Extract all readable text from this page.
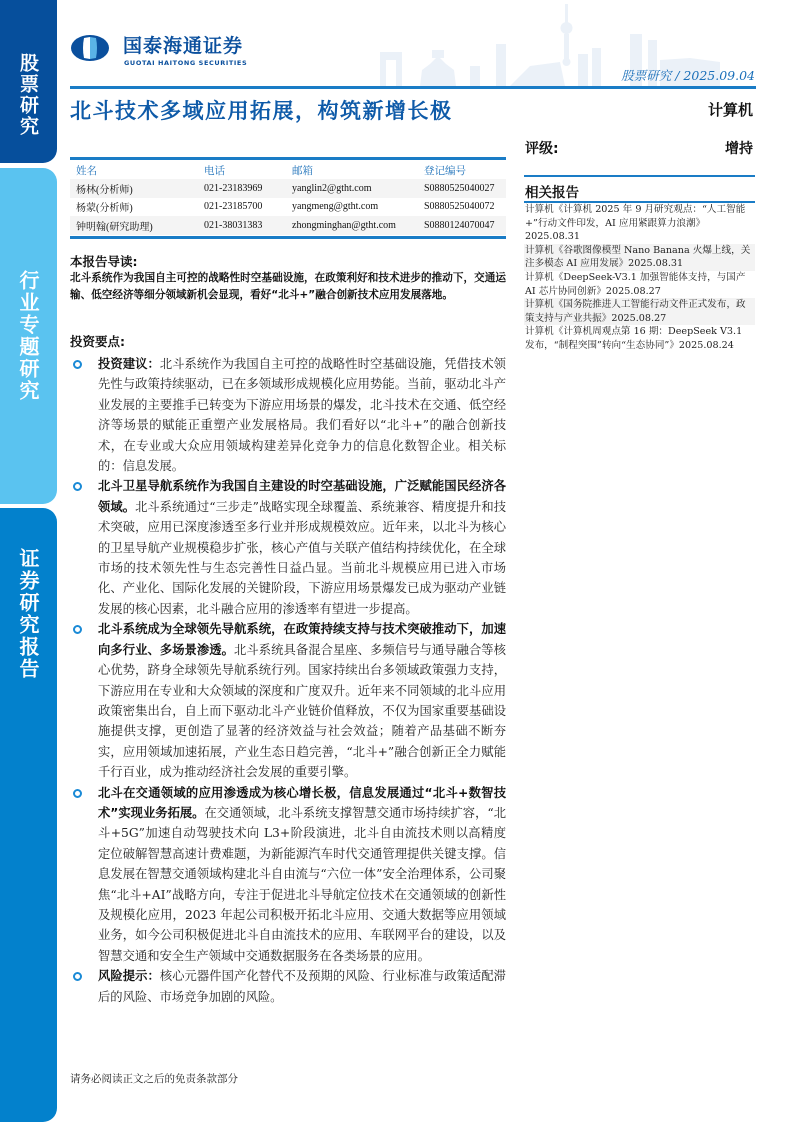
股票研究
行业专题研究
证券研究报告
国泰海通证券
GUOTAI HAITONG SECURITIES
股票研究 / 2025.09.04
北斗技术多域应用拓展，构筑新增长极	计算机
姓名	电话	邮箱	登记编号
杨林(分析师)	021-23183969	yanglin2@gtht.com	S0880525040027
杨蒙(分析师)	021-23185700	yangmeng@gtht.com	S0880525040072
钟明翰(研究助理)	021-38031383	zhongminghan@gtht.com	S0880124070047
评级:	增持
相关报告
计算机《计算机 2025 年 9 月研究观点：“人工智能+”行动文件印发，AI 应用紧跟算力浪潮》2025.08.31
计算机《谷歌图像模型 Nano Banana 火爆上线，关注多模态 AI 应用发展》2025.08.31
计算机《DeepSeek-V3.1 加强智能体支持，与国产 AI 芯片协同创新》2025.08.27
计算机《国务院推进人工智能行动文件正式发布，政策支持与产业共振》2025.08.27
计算机《计算机周观点第 16 期：DeepSeek V3.1 发布，“制程突围”转向“生态协同”》2025.08.24
本报告导读:

北斗系统作为我国自主可控的战略性时空基础设施，在政策利好和技术进步的推动下，交通运输、低空经济等细分领域新机会显现，看好“北斗+”融合创新技术应用发展落地。

投资要点:
投资建议：北斗系统作为我国自主可控的战略性时空基础设施，凭借技术领先性与政策持续驱动，已在多领域形成规模化应用势能。当前，驱动北斗产业发展的主要推手已转变为下游应用场景的爆发，北斗技术在交通、低空经济等场景的赋能正重塑产业发展格局。我们看好以“北斗+”的融合创新技术，在专业或大众应用领域构建差异化竞争力的信息化数智企业。相关标的：信息发展。
北斗卫星导航系统作为我国自主建设的时空基础设施，广泛赋能国民经济各领域。北斗系统通过“三步走”战略实现全球覆盖、系统兼容、精度提升和技术突破，应用已深度渗透至多行业并形成规模效应。近年来，以北斗为核心的卫星导航产业规模稳步扩张，核心产值与关联产值结构持续优化，在全球市场的技术领先性与生态完善性日益凸显。当前北斗规模应用已进入市场化、产业化、国际化发展的关键阶段，下游应用场景爆发已成为驱动产业链发展的核心因素，北斗融合应用的渗透率有望进一步提高。
北斗系统成为全球领先导航系统，在政策持续支持与技术突破推动下，加速向多行业、多场景渗透。北斗系统具备混合星座、多频信号与通导融合等核心优势，跻身全球领先导航系统行列。国家持续出台多领域政策强力支持，下游应用在专业和大众领域的深度和广度双升。近年来不同领域的北斗应用政策密集出台，自上而下驱动北斗产业链价值释放，不仅为国家重要基础设施提供支撑，更创造了显著的经济效益与社会效益；随着产品基础不断夯实，应用领域加速拓展，产业生态日趋完善，“北斗+”融合创新正全力赋能千行百业，成为推动经济社会发展的重要引擎。
北斗在交通领域的应用渗透成为核心增长极，信息发展通过“北斗+数智技术”实现业务拓展。在交通领域，北斗系统支撑智慧交通市场持续扩容，“北斗+5G”加速自动驾驶技术向 L3+阶段演进，北斗自由流技术则以高精度定位破解智慧高速计费难题，为新能源汽车时代交通管理提供关键支撑。信息发展在智慧交通领域构建北斗自由流与“六位一体”安全治理体系，公司聚焦“北斗+AI”战略方向，专注于促进北斗导航定位技术在交通领域的创新性及规模化应用，2023 年起公司积极开拓北斗应用、交通大数据等应用领域业务，如今公司积极促进北斗自由流技术的应用、车联网平台的建设，以及智慧交通和安全生产领域中交通数据服务在各类场景的应用。
风险提示：核心元器件国产化替代不及预期的风险、行业标准与政策适配滞后的风险、市场竞争加剧的风险。
请务必阅读正文之后的免责条款部分
